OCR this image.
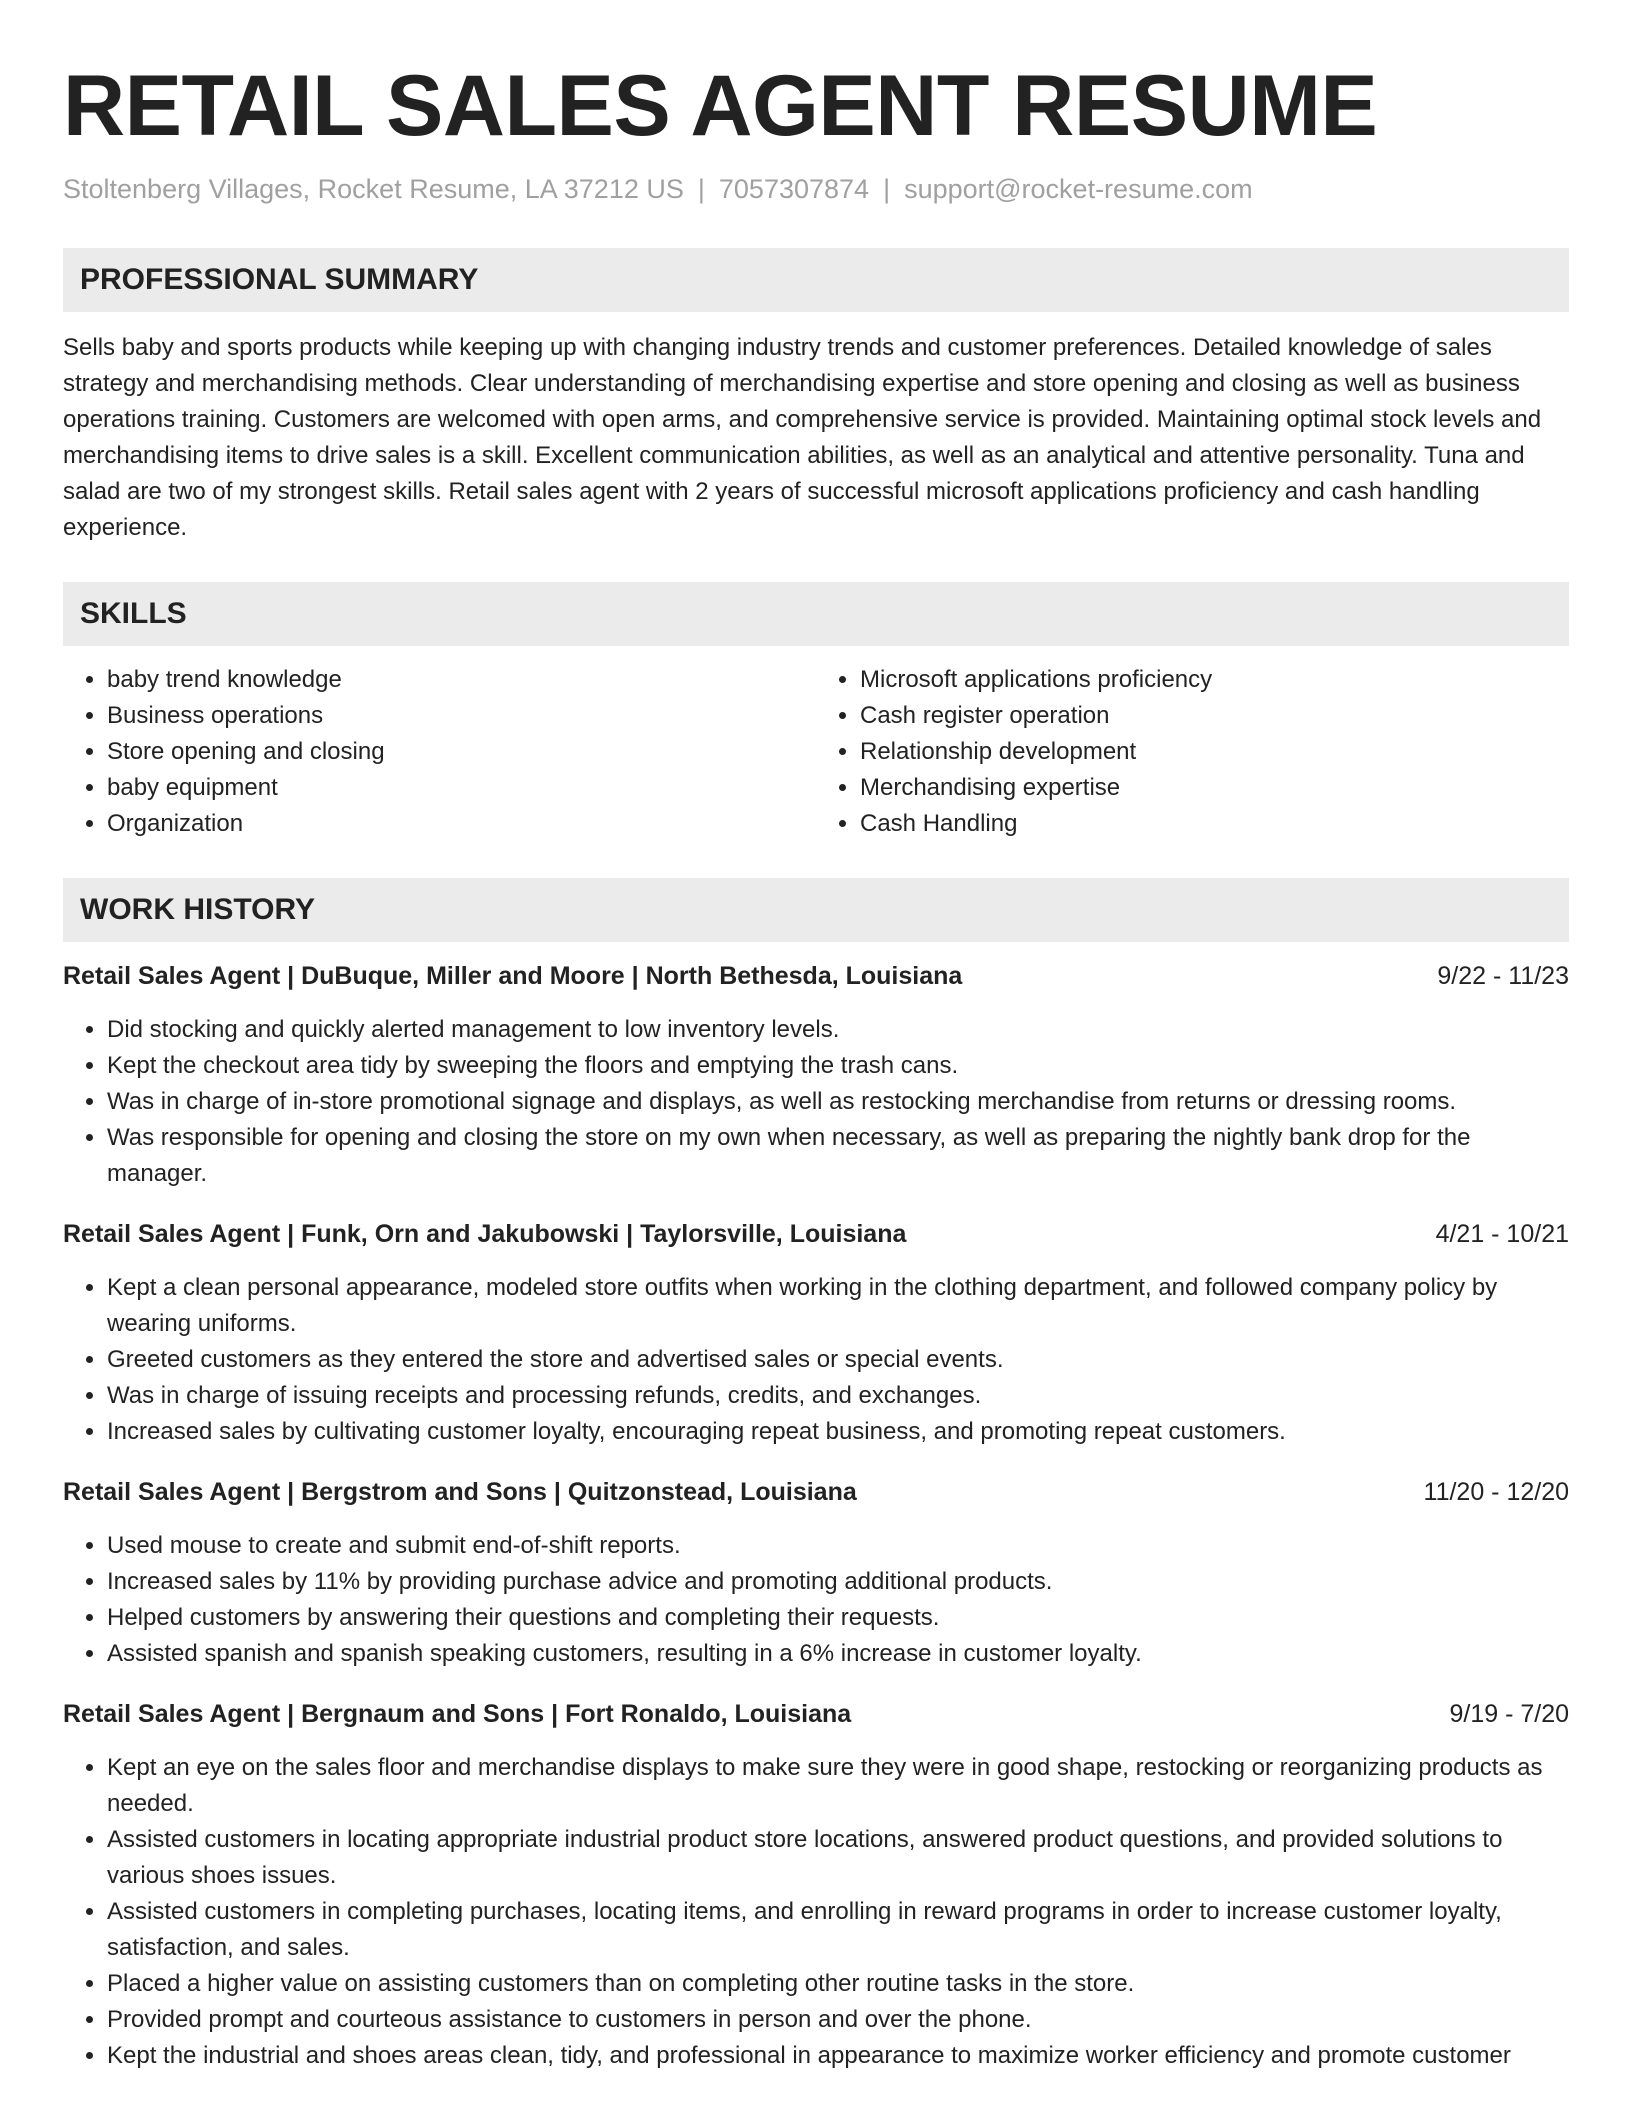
RETAIL SALES AGENT RESUME
Stoltenberg Villages, Rocket Resume, LA 37212 US | 7057307874 | support@rocket-resume.com
PROFESSIONAL SUMMARY

Sells baby and sports products while keeping up with changing industry trends and customer preferences. Detailed knowledge of sales strategy and merchandising methods. Clear understanding of merchandising expertise and store opening and closing as well as business operations training. Customers are welcomed with open arms, and comprehensive service is provided. Maintaining optimal stock levels and merchandising items to drive sales is a skill. Excellent communication abilities, as well as an analytical and attentive personality. Tuna and salad are two of my strongest skills. Retail sales agent with 2 years of successful microsoft applications proficiency and cash handling experience.

SKILLS
• baby trend knowledge
• Business operations
• Store opening and closing
• baby equipment
• Organization
• Microsoft applications proficiency
• Cash register operation
• Relationship development
• Merchandising expertise
• Cash Handling
WORK HISTORY
Retail Sales Agent | DuBuque, Miller and Moore | North Bethesda, Louisiana	9/22 - 11/23
• Did stocking and quickly alerted management to low inventory levels.
• Kept the checkout area tidy by sweeping the floors and emptying the trash cans.
• Was in charge of in-store promotional signage and displays, as well as restocking merchandise from returns or dressing rooms.
• Was responsible for opening and closing the store on my own when necessary, as well as preparing the nightly bank drop for the manager.
Retail Sales Agent | Funk, Orn and Jakubowski | Taylorsville, Louisiana	4/21 - 10/21
• Kept a clean personal appearance, modeled store outfits when working in the clothing department, and followed company policy by wearing uniforms.
• Greeted customers as they entered the store and advertised sales or special events.
• Was in charge of issuing receipts and processing refunds, credits, and exchanges.
• Increased sales by cultivating customer loyalty, encouraging repeat business, and promoting repeat customers.
Retail Sales Agent | Bergstrom and Sons | Quitzonstead, Louisiana	11/20 - 12/20
• Used mouse to create and submit end-of-shift reports.
• Increased sales by 11% by providing purchase advice and promoting additional products.
• Helped customers by answering their questions and completing their requests.
• Assisted spanish and spanish speaking customers, resulting in a 6% increase in customer loyalty.
Retail Sales Agent | Bergnaum and Sons | Fort Ronaldo, Louisiana	9/19 - 7/20
• Kept an eye on the sales floor and merchandise displays to make sure they were in good shape, restocking or reorganizing products as needed.
• Assisted customers in locating appropriate industrial product store locations, answered product questions, and provided solutions to various shoes issues.
• Assisted customers in completing purchases, locating items, and enrolling in reward programs in order to increase customer loyalty, satisfaction, and sales.
• Placed a higher value on assisting customers than on completing other routine tasks in the store.
• Provided prompt and courteous assistance to customers in person and over the phone.
• Kept the industrial and shoes areas clean, tidy, and professional in appearance to maximize worker efficiency and promote customer
